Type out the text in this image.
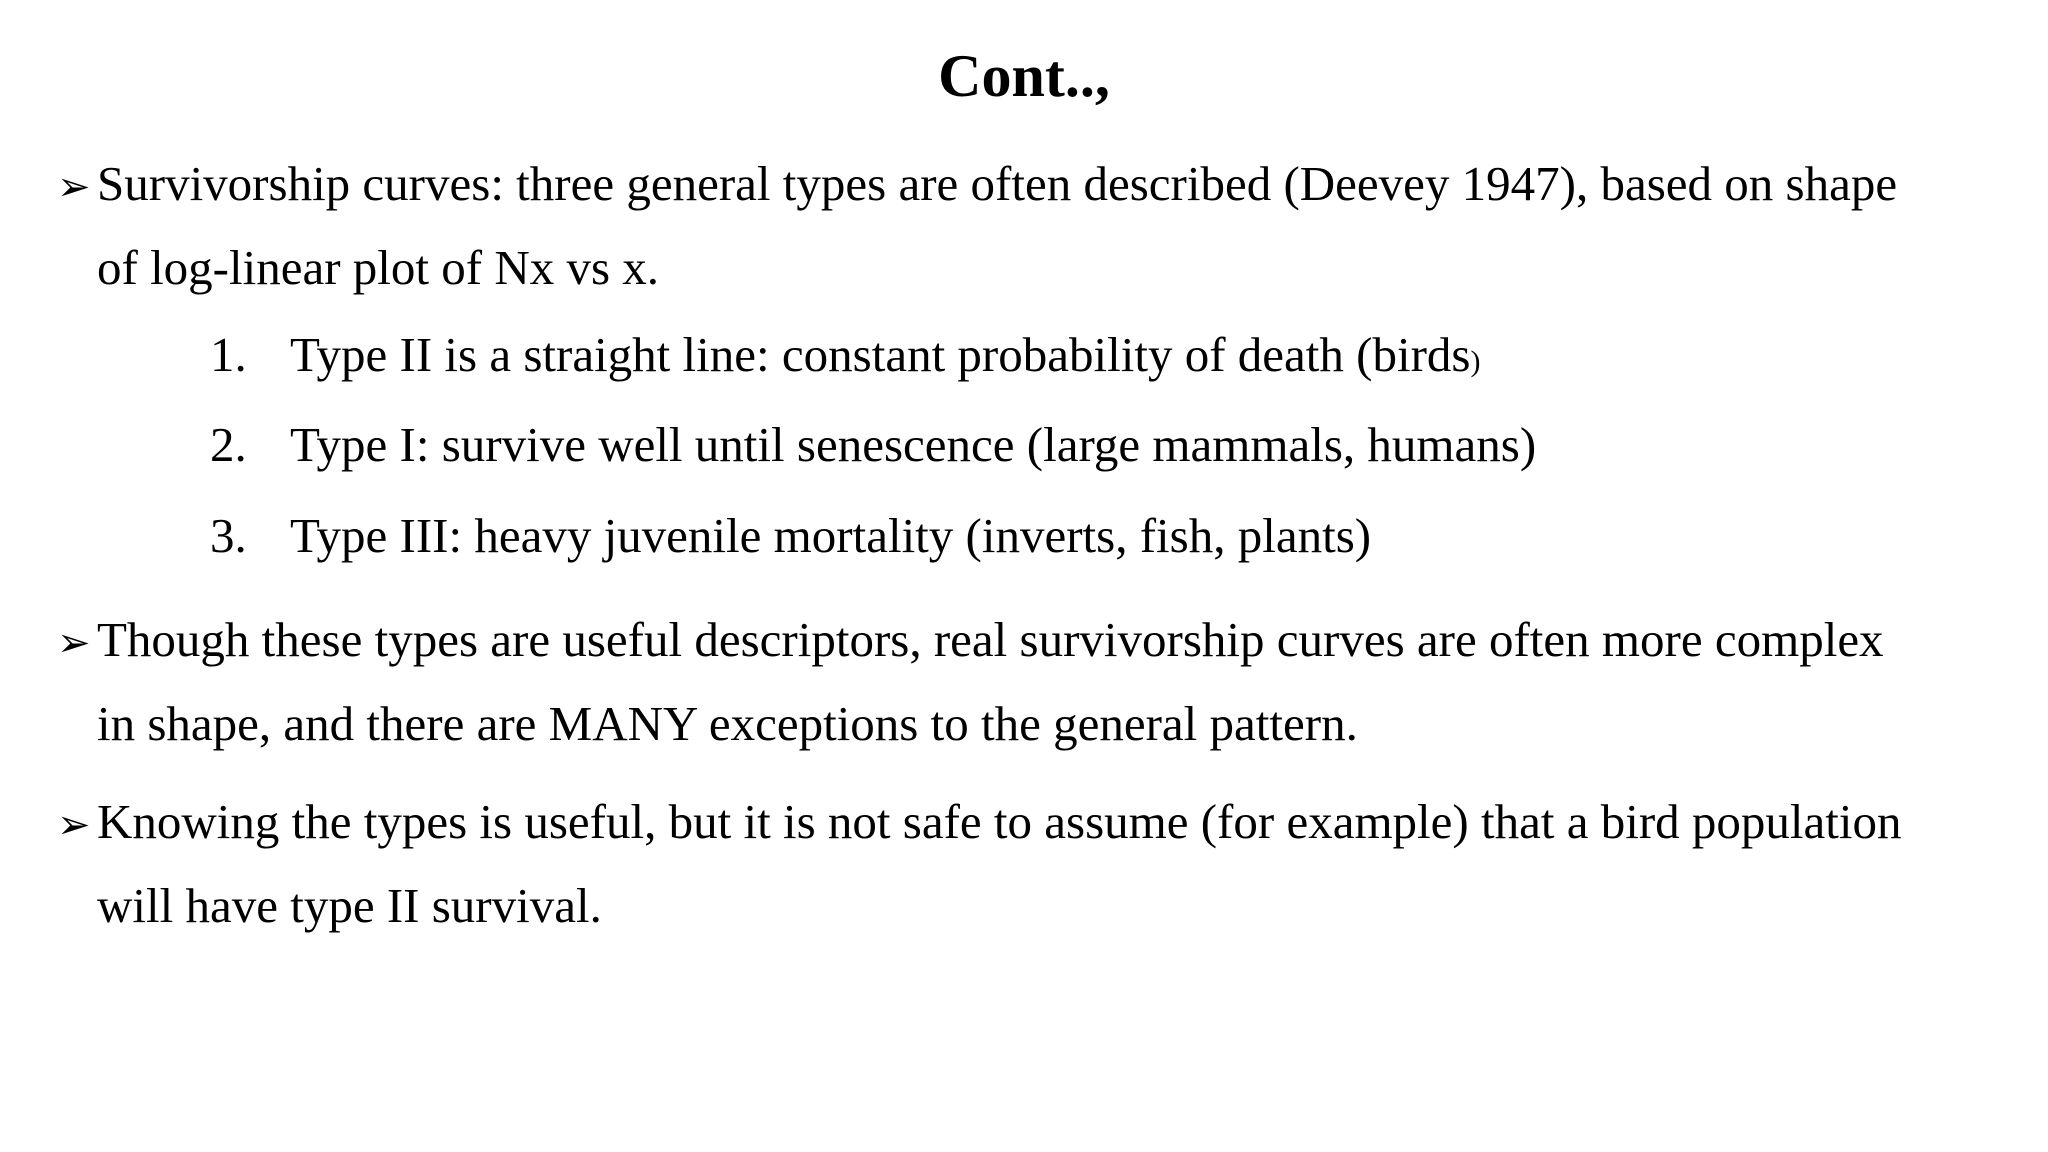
Cont..,
➢ Survivorship curves: three general types are often described (Deevey 1947), based on shape
of log-linear plot of Nx vs x.
1. Type II is a straight line: constant probability of death (birds)
2. Type I: survive well until senescence (large mammals, humans)
3. Type III: heavy juvenile mortality (inverts, fish, plants)
➢ Though these types are useful descriptors, real survivorship curves are often more complex
in shape, and there are MANY exceptions to the general pattern.
➢ Knowing the types is useful, but it is not safe to assume (for example) that a bird population
will have type II survival.
